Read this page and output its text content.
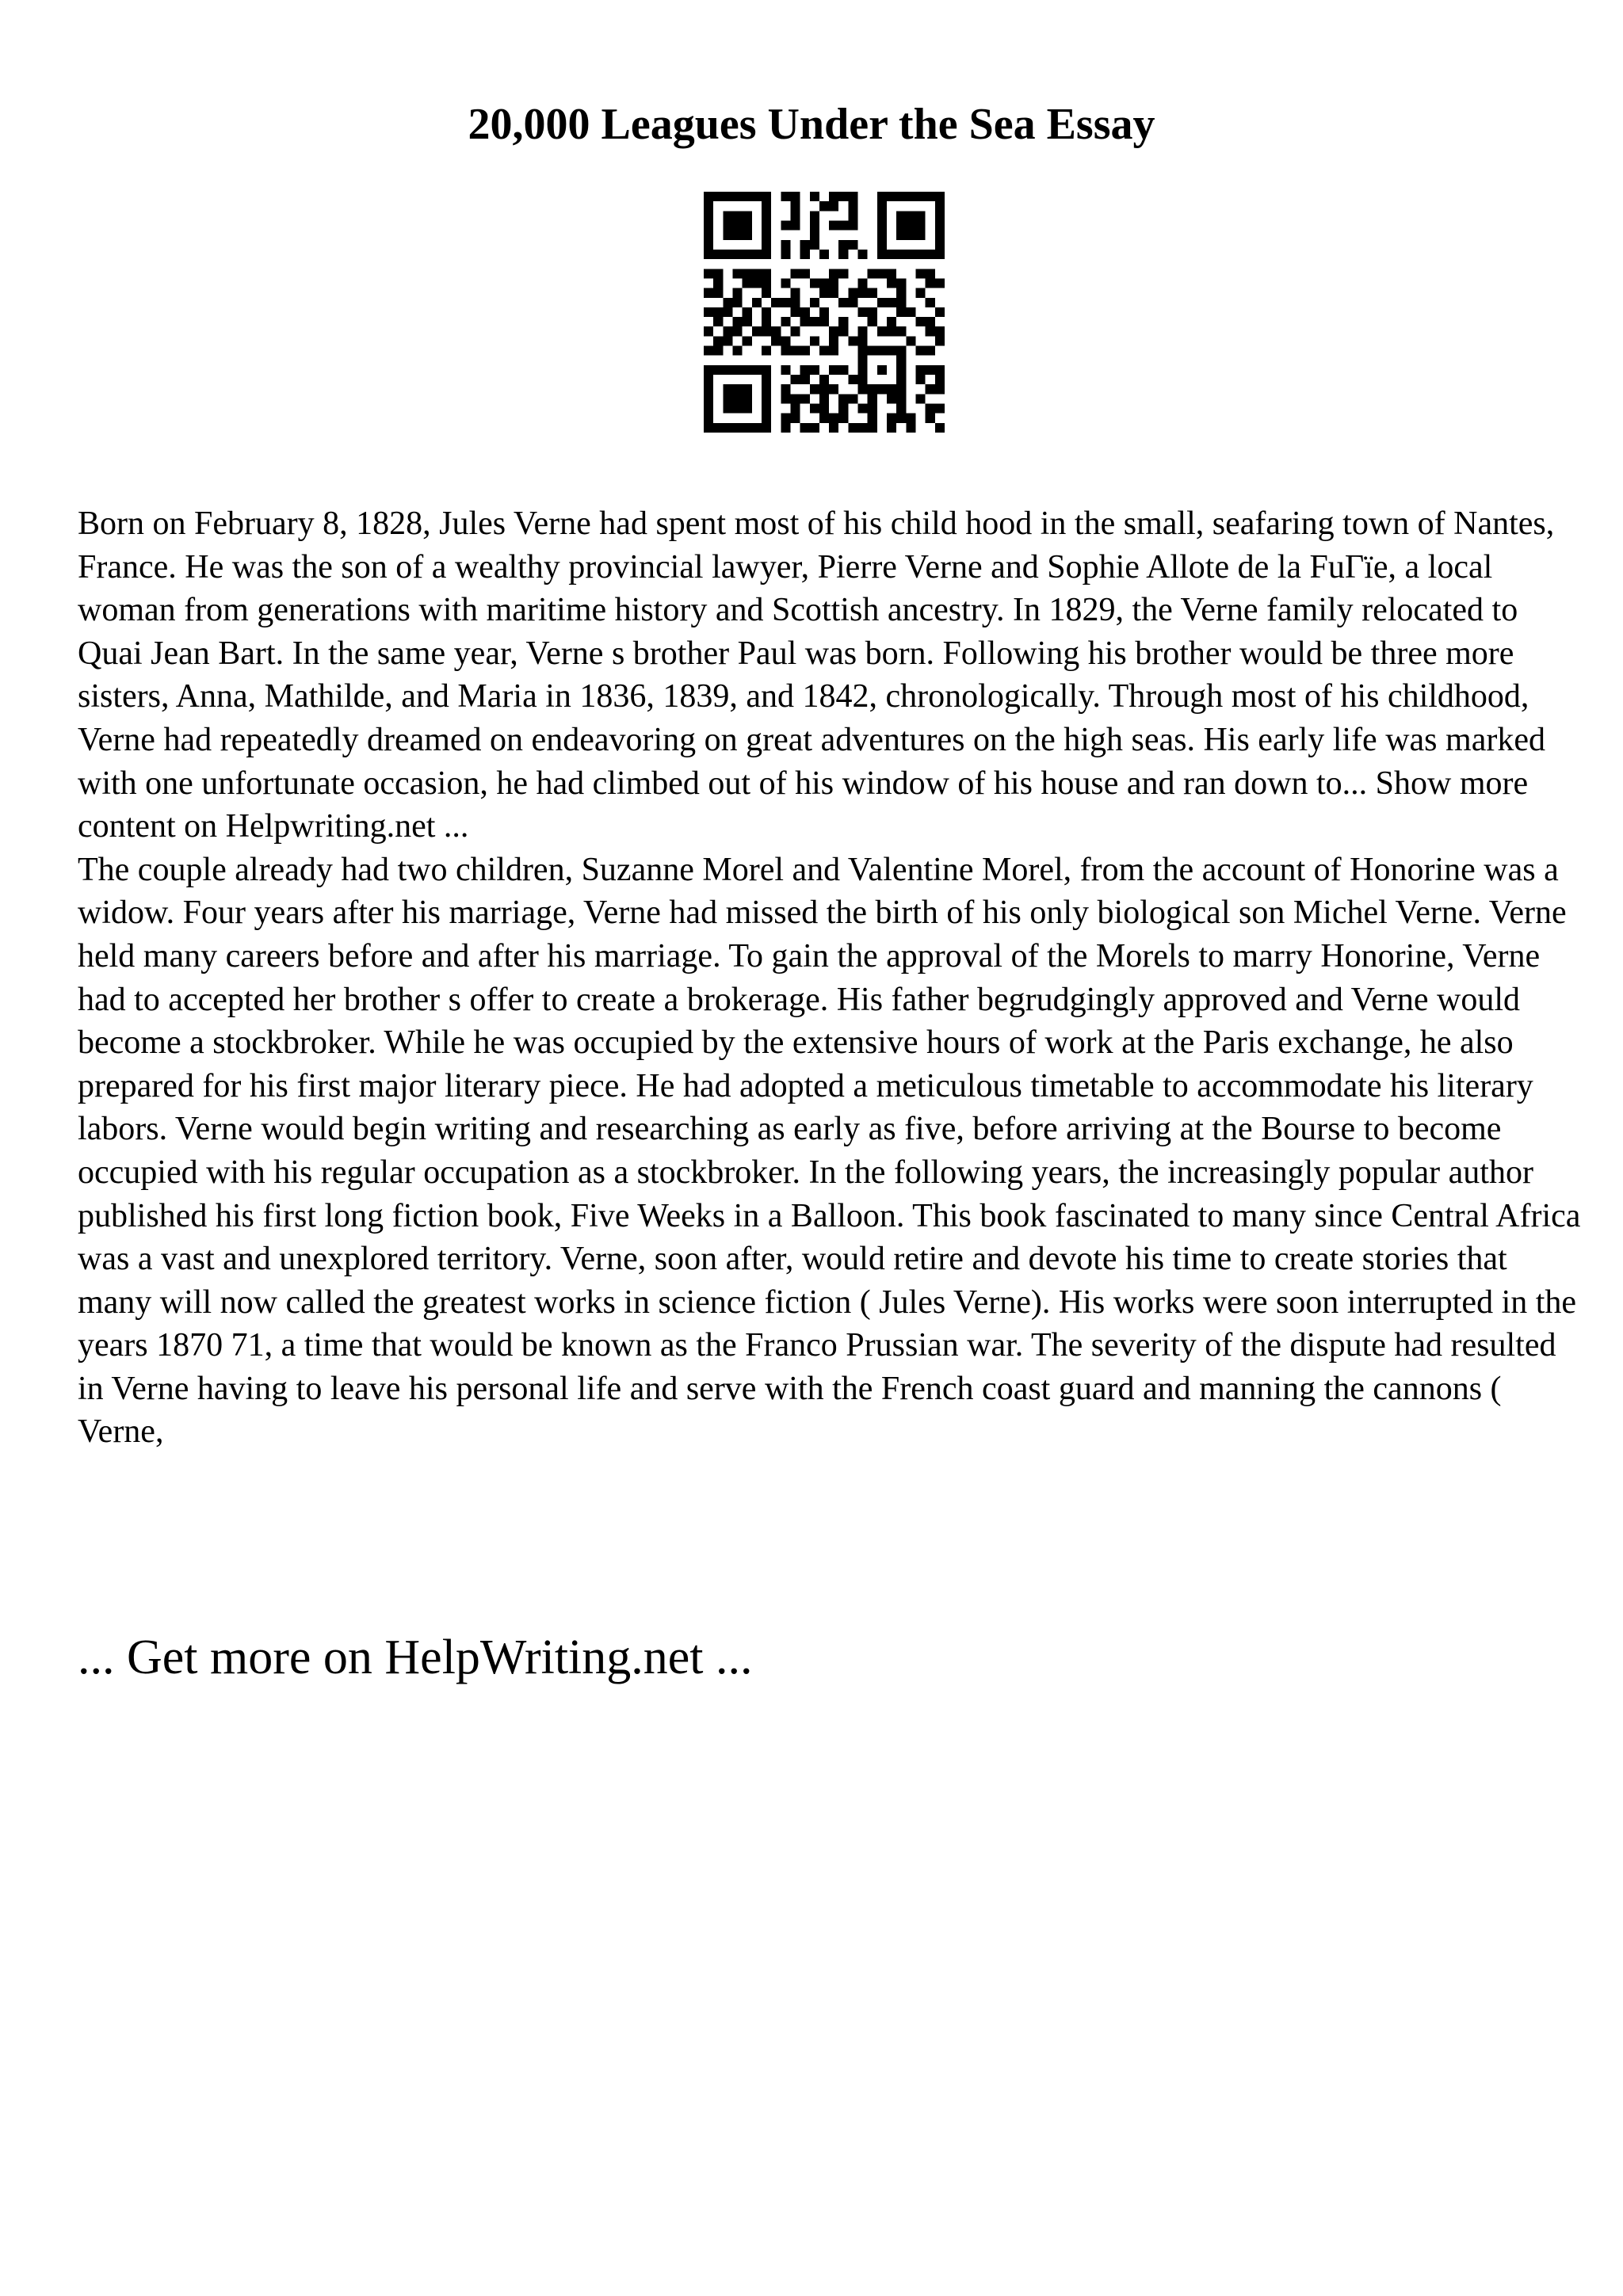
20,000 Leagues Under the Sea Essay

Born on February 8, 1828, Jules Verne had spent most of his child hood in the small, seafaring town of Nantes, France. He was the son of a wealthy provincial lawyer, Pierre Verne and Sophie Allote de la FuΓïe, a local woman from generations with maritime history and Scottish ancestry. In 1829, the Verne family relocated to Quai Jean Bart. In the same year, Verne s brother Paul was born. Following his brother would be three more sisters, Anna, Mathilde, and Maria in 1836, 1839, and 1842, chronologically. Through most of his childhood, Verne had repeatedly dreamed on endeavoring on great adventures on the high seas. His early life was marked with one unfortunate occasion, he had climbed out of his window of his house and ran down to... Show more content on Helpwriting.net ...

The couple already had two children, Suzanne Morel and Valentine Morel, from the account of Honorine was a widow. Four years after his marriage, Verne had missed the birth of his only biological son Michel Verne. Verne held many careers before and after his marriage. To gain the approval of the Morels to marry Honorine, Verne had to accepted her brother s offer to create a brokerage. His father begrudgingly approved and Verne would become a stockbroker. While he was occupied by the extensive hours of work at the Paris exchange, he also prepared for his first major literary piece. He had adopted a meticulous timetable to accommodate his literary labors. Verne would begin writing and researching as early as five, before arriving at the Bourse to become occupied with his regular occupation as a stockbroker. In the following years, the increasingly popular author published his first long fiction book, Five Weeks in a Balloon. This book fascinated to many since Central Africa was a vast and unexplored territory. Verne, soon after, would retire and devote his time to create stories that many will now called the greatest works in science fiction ( Jules Verne). His works were soon interrupted in the years 1870 71, a time that would be known as the Franco Prussian war. The severity of the dispute had resulted in Verne having to leave his personal life and serve with the French coast guard and manning the cannons ( Verne,

... Get more on HelpWriting.net ...
